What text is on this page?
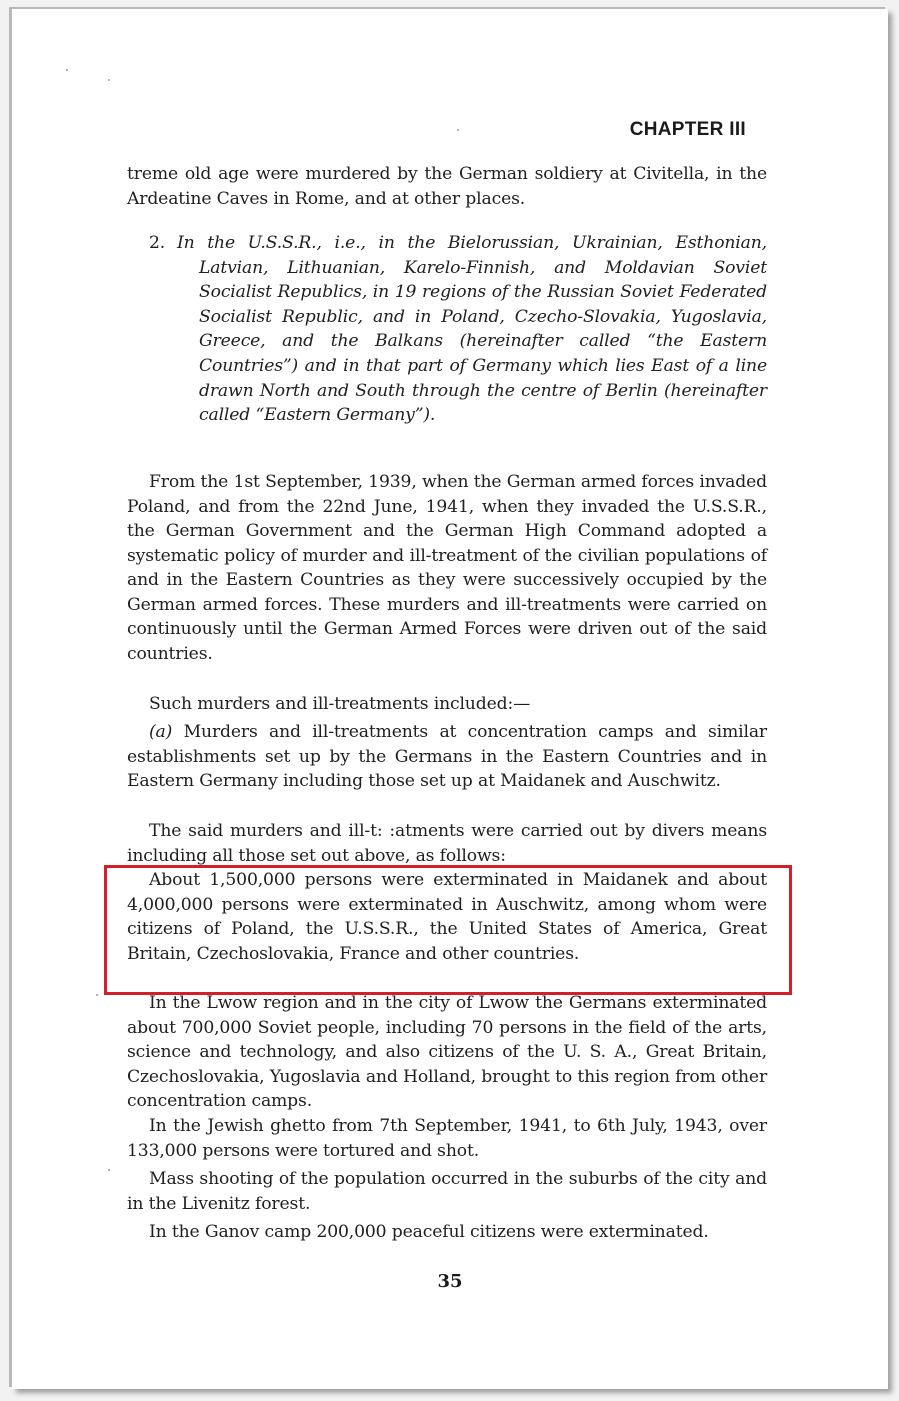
CHAPTER III
treme old age were murdered by the German soldiery at Civitella, in the Ardeatine Caves in Rome, and at other places.
2. In the U.S.S.R., i.e., in the Bielorussian, Ukrainian, Esthonian, Latvian, Lithuanian, Karelo-Finnish, and Moldavian Soviet Socialist Republics, in 19 regions of the Russian Soviet Federated Socialist Republic, and in Poland, Czecho-Slovakia, Yugoslavia, Greece, and the Balkans (hereinafter called “the Eastern Countries”) and in that part of Germany which lies East of a line drawn North and South through the centre of Berlin (hereinafter called “Eastern Germany”).
From the 1st September, 1939, when the German armed forces invaded Poland, and from the 22nd June, 1941, when they invaded the U.S.S.R., the German Government and the German High Command adopted a systematic policy of murder and ill-treatment of the civilian populations of and in the Eastern Countries as they were successively occupied by the German armed forces. These murders and ill-treatments were carried on continuously until the German Armed Forces were driven out of the said countries.
Such murders and ill-treatments included:—
(a) Murders and ill-treatments at concentration camps and similar establishments set up by the Germans in the Eastern Countries and in Eastern Germany including those set up at Maidanek and Auschwitz.
The said murders and ill-t: :atments were carried out by divers means including all those set out above, as follows:
About 1,500,000 persons were exterminated in Maidanek and about 4,000,000 persons were exterminated in Auschwitz, among whom were citizens of Poland, the U.S.S.R., the United States of America, Great Britain, Czechoslovakia, France and other countries.
In the Lwow region and in the city of Lwow the Germans exterminated about 700,000 Soviet people, including 70 persons in the field of the arts, science and technology, and also citizens of the U. S. A., Great Britain, Czechoslovakia, Yugoslavia and Holland, brought to this region from other concentration camps.
In the Jewish ghetto from 7th September, 1941, to 6th July, 1943, over 133,000 persons were tortured and shot.
Mass shooting of the population occurred in the suburbs of the city and in the Livenitz forest.
In the Ganov camp 200,000 peaceful citizens were exterminated.
35
